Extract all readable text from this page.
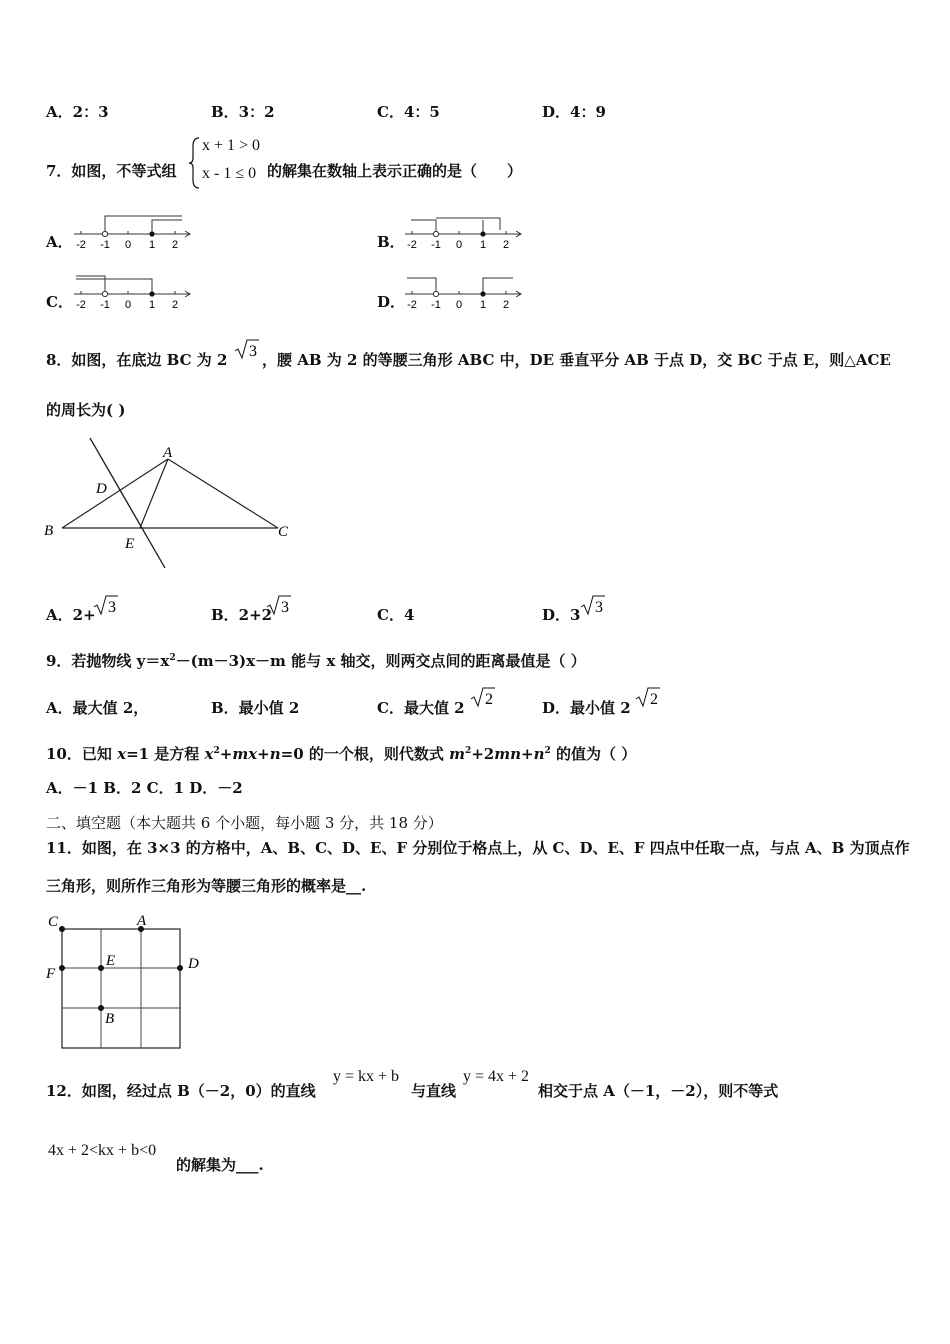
A．2：3	B．3：2	C．4：5	D．4：9
7．如图，不等式组
x + 1 > 0
x - 1 ≤ 0 的解集在数轴上表示正确的是（　　）
A． -2 -1 0 1 2	B． -2 -1 0 1 2
C． -2 -1 0 1 2	D． -2 -1 0 1 2
8．如图，在底边 BC 为 2 3 ，腰 AB 为 2 的等腰三角形 ABC 中，DE 垂直平分 AB 于点 D，交 BC 于点 E，则△ACE
的周长为( )
A
B	C
D
E
A．2+ 3	B．2+2 3	C．4	D．3 3
9．若抛物线 $y=x^2-(m-3)x-m$ 能与 x 轴交，则两交点间的距离最值是（ ）
A．最大值 2，	B．最小值 2	C．最大值 2 2	D．最小值 2 2
10．已知 x=1 是方程 $x^2+mx+n=0$ 的一个根，则代数式 $m^2+2mn+n^2$ 的值为（ ）
A．－1 B．2 C．1 D．－2
二、填空题（本大题共 6 个小题，每小题 3 分，共 18 分）
11．如图，在 3×3 的方格中，A、B、C、D、E、F 分别位于格点上，从 C、D、E、F 四点中任取一点，与点 A、B 为顶点作
三角形，则所作三角形为等腰三角形的概率是__.
C	A
F
E	D
B
12．如图，经过点 B（－2，0）的直线
y = kx + b
与直线
y = 4x + 2
相交于点 A（－1，－2），则不等式
4x + 2<kx + b<0
的解集为___.
